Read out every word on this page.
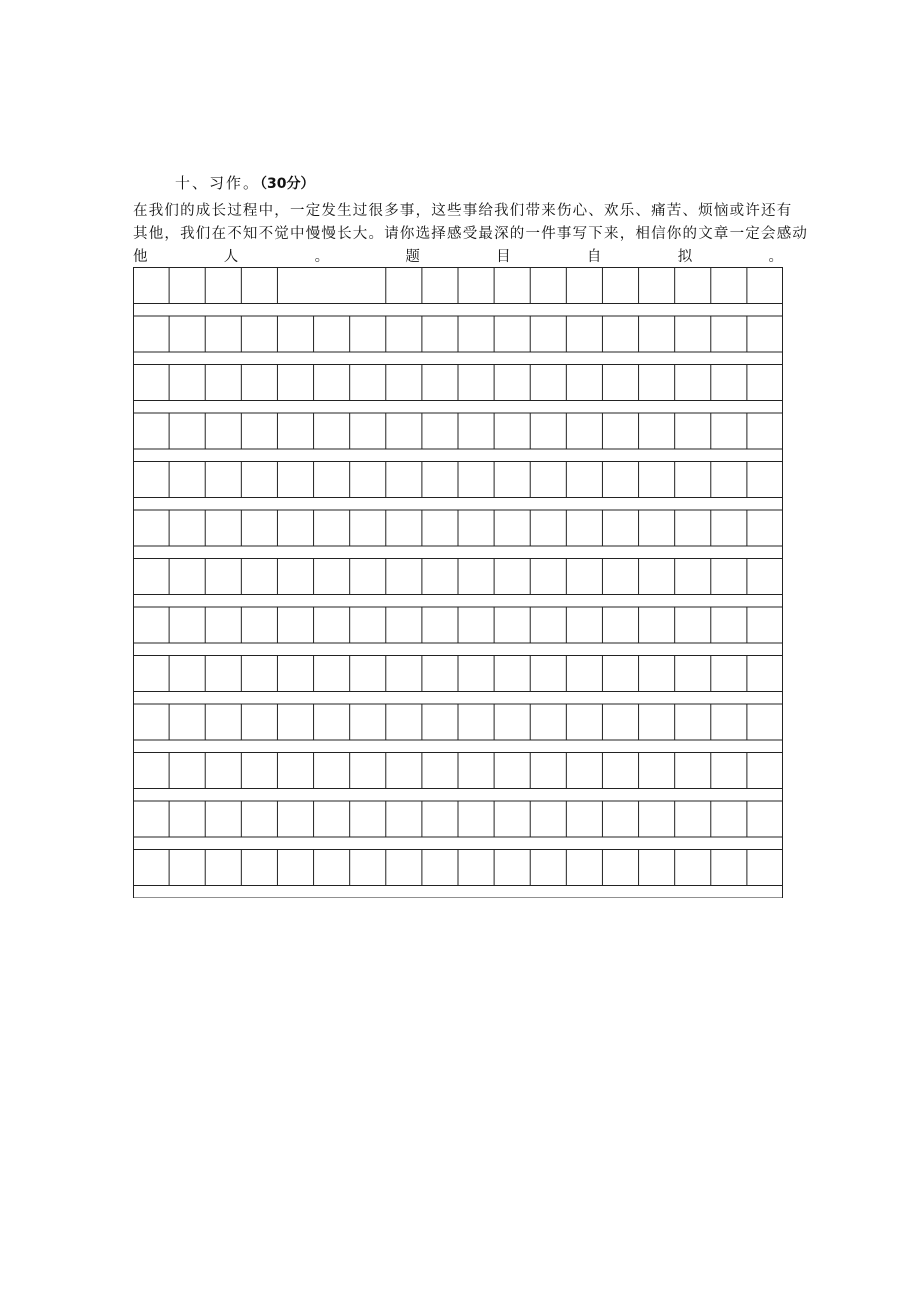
十、习作。（30分）
在我们的成长过程中，一定发生过很多事，这些事给我们带来伤心、欢乐、痛苦、烦恼或许还有
其他，我们在不知不觉中慢慢长大。请你选择感受最深的一件事写下来，相信你的文章一定会感动
他	人	。	题	目	自	拟	。
